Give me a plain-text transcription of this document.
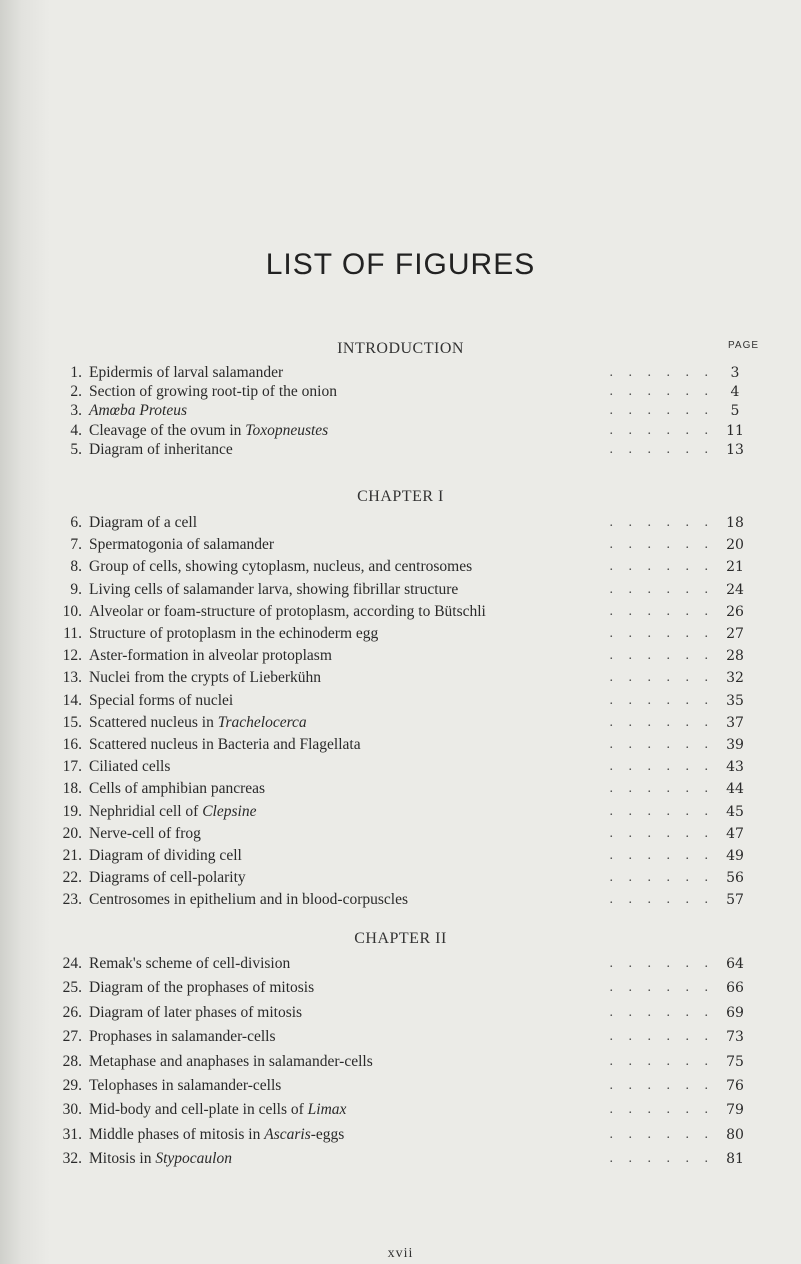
LIST OF FIGURES
INTRODUCTION	PAGE
CHAPTER I
CHAPTER II
1. Epidermis of larval salamander	. . . . . .	3
2. Section of growing root-tip of the onion	. . . . . .	4
3. Amœba Proteus	. . . . . .	5
4. Cleavage of the ovum in Toxopneustes	. . . . . . 11
5. Diagram of inheritance	. . . . . . 13
6. Diagram of a cell	. . . . . . 18
7. Spermatogonia of salamander	. . . . . . 20
8. Group of cells, showing cytoplasm, nucleus, and centrosomes	. . . . . . 21
9. Living cells of salamander larva, showing fibrillar structure	. . . . . . 24
10. Alveolar or foam-structure of protoplasm, according to Bütschli	. . . . . . 26
11. Structure of protoplasm in the echinoderm egg	. . . . . . 27
12. Aster-formation in alveolar protoplasm	. . . . . . 28
13. Nuclei from the crypts of Lieberkühn	. . . . . . 32
14. Special forms of nuclei	. . . . . . 35
15. Scattered nucleus in Trachelocerca	. . . . . . 37
16. Scattered nucleus in Bacteria and Flagellata	. . . . . . 39
17. Ciliated cells	. . . . . . 43
18. Cells of amphibian pancreas	. . . . . . 44
19. Nephridial cell of Clepsine	. . . . . . 45
20. Nerve-cell of frog	. . . . . . 47
21. Diagram of dividing cell	. . . . . . 49
22. Diagrams of cell-polarity	. . . . . . 56
23. Centrosomes in epithelium and in blood-corpuscles	. . . . . . 57
24. Remak's scheme of cell-division	. . . . . . 64
25. Diagram of the prophases of mitosis	. . . . . . 66
26. Diagram of later phases of mitosis	. . . . . . 69
27. Prophases in salamander-cells	. . . . . . 73
28. Metaphase and anaphases in salamander-cells	. . . . . . 75
29. Telophases in salamander-cells	. . . . . . 76
30. Mid-body and cell-plate in cells of Limax	. . . . . . 79
31. Middle phases of mitosis in Ascaris-eggs	. . . . . . 80
32. Mitosis in Stypocaulon	. . . . . . 81
xvii
